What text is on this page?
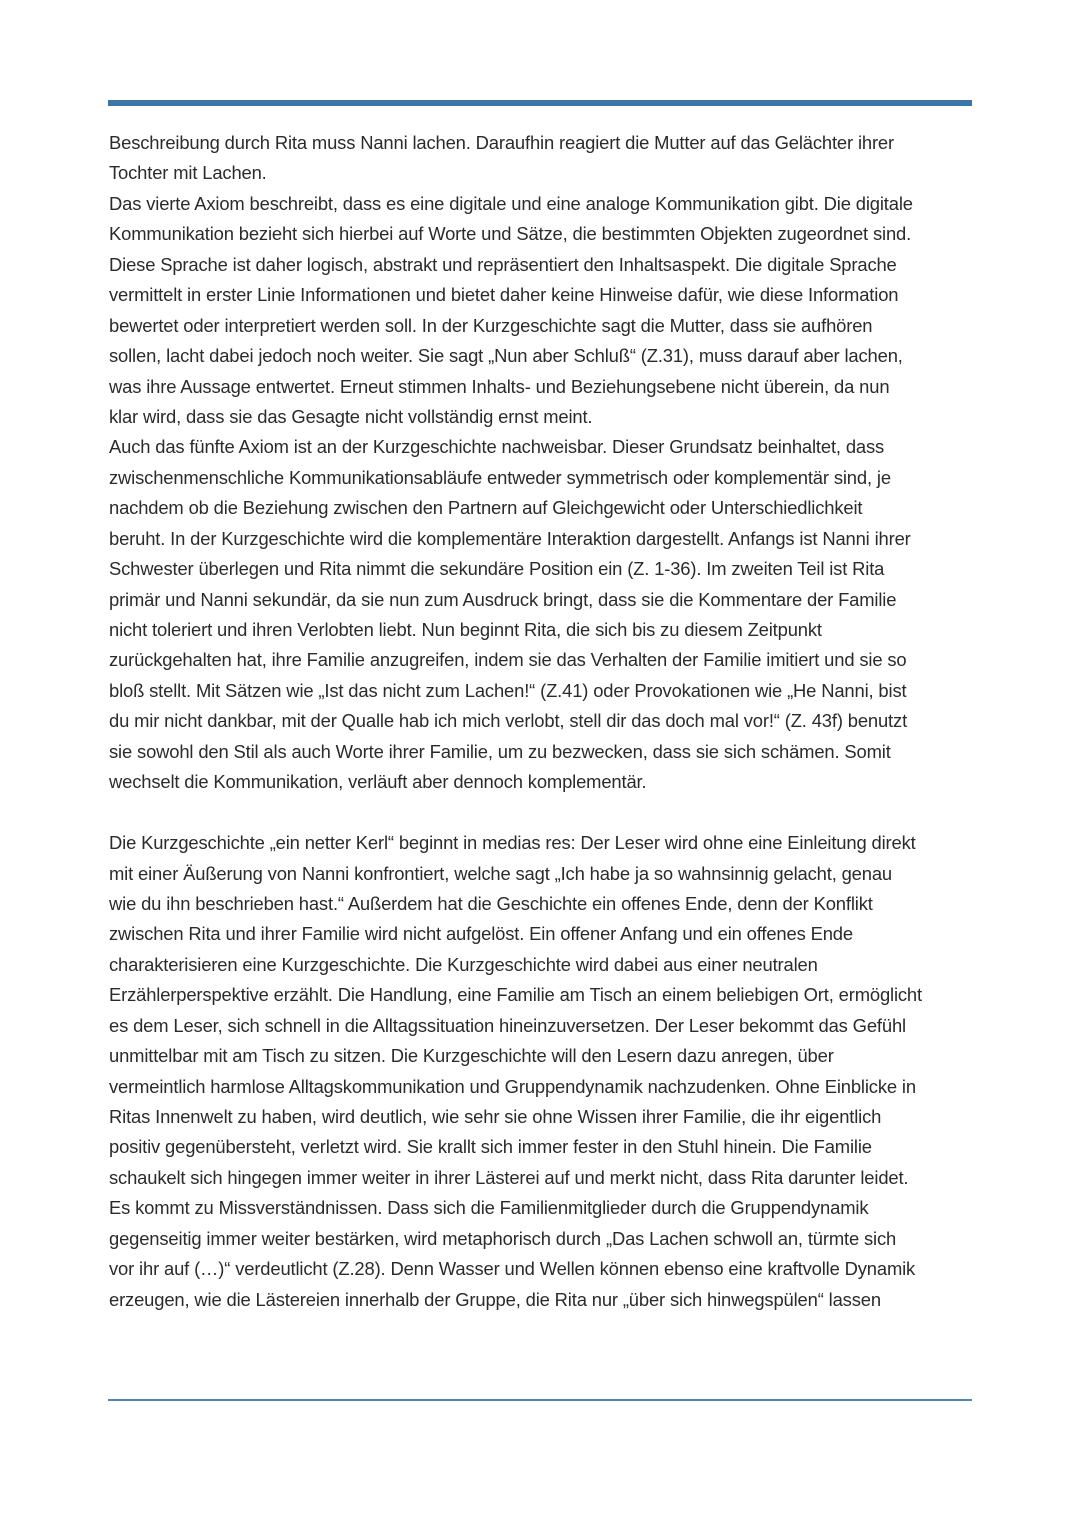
Beschreibung durch Rita muss Nanni lachen. Daraufhin reagiert die Mutter auf das Gelächter ihrer
Tochter mit Lachen.
Das vierte Axiom beschreibt, dass es eine digitale und eine analoge Kommunikation gibt. Die digitale
Kommunikation bezieht sich hierbei auf Worte und Sätze, die bestimmten Objekten zugeordnet sind.
Diese Sprache ist daher logisch, abstrakt und repräsentiert den Inhaltsaspekt. Die digitale Sprache
vermittelt in erster Linie Informationen und bietet daher keine Hinweise dafür, wie diese Information
bewertet oder interpretiert werden soll. In der Kurzgeschichte sagt die Mutter, dass sie aufhören
sollen, lacht dabei jedoch noch weiter. Sie sagt „Nun aber Schluß“ (Z.31), muss darauf aber lachen,
was ihre Aussage entwertet. Erneut stimmen Inhalts- und Beziehungsebene nicht überein, da nun
klar wird, dass sie das Gesagte nicht vollständig ernst meint.
Auch das fünfte Axiom ist an der Kurzgeschichte nachweisbar. Dieser Grundsatz beinhaltet, dass
zwischenmenschliche Kommunikationsabläufe entweder symmetrisch oder komplementär sind, je
nachdem ob die Beziehung zwischen den Partnern auf Gleichgewicht oder Unterschiedlichkeit
beruht. In der Kurzgeschichte wird die komplementäre Interaktion dargestellt. Anfangs ist Nanni ihrer
Schwester überlegen und Rita nimmt die sekundäre Position ein (Z. 1-36). Im zweiten Teil ist Rita
primär und Nanni sekundär, da sie nun zum Ausdruck bringt, dass sie die Kommentare der Familie
nicht toleriert und ihren Verlobten liebt. Nun beginnt Rita, die sich bis zu diesem Zeitpunkt
zurückgehalten hat, ihre Familie anzugreifen, indem sie das Verhalten der Familie imitiert und sie so
bloß stellt. Mit Sätzen wie „Ist das nicht zum Lachen!“ (Z.41) oder Provokationen wie „He Nanni, bist
du mir nicht dankbar, mit der Qualle hab ich mich verlobt, stell dir das doch mal vor!“ (Z. 43f) benutzt
sie sowohl den Stil als auch Worte ihrer Familie, um zu bezwecken, dass sie sich schämen. Somit
wechselt die Kommunikation, verläuft aber dennoch komplementär.
Die Kurzgeschichte „ein netter Kerl“ beginnt in medias res: Der Leser wird ohne eine Einleitung direkt
mit einer Äußerung von Nanni konfrontiert, welche sagt „Ich habe ja so wahnsinnig gelacht, genau
wie du ihn beschrieben hast.“ Außerdem hat die Geschichte ein offenes Ende, denn der Konflikt
zwischen Rita und ihrer Familie wird nicht aufgelöst. Ein offener Anfang und ein offenes Ende
charakterisieren eine Kurzgeschichte. Die Kurzgeschichte wird dabei aus einer neutralen
Erzählerperspektive erzählt. Die Handlung, eine Familie am Tisch an einem beliebigen Ort, ermöglicht
es dem Leser, sich schnell in die Alltagssituation hineinzuversetzen. Der Leser bekommt das Gefühl
unmittelbar mit am Tisch zu sitzen. Die Kurzgeschichte will den Lesern dazu anregen, über
vermeintlich harmlose Alltagskommunikation und Gruppendynamik nachzudenken. Ohne Einblicke in
Ritas Innenwelt zu haben, wird deutlich, wie sehr sie ohne Wissen ihrer Familie, die ihr eigentlich
positiv gegenübersteht, verletzt wird. Sie krallt sich immer fester in den Stuhl hinein. Die Familie
schaukelt sich hingegen immer weiter in ihrer Lästerei auf und merkt nicht, dass Rita darunter leidet.
Es kommt zu Missverständnissen. Dass sich die Familienmitglieder durch die Gruppendynamik
gegenseitig immer weiter bestärken, wird metaphorisch durch „Das Lachen schwoll an, türmte sich
vor ihr auf (…)“ verdeutlicht (Z.28). Denn Wasser und Wellen können ebenso eine kraftvolle Dynamik
erzeugen, wie die Lästereien innerhalb der Gruppe, die Rita nur „über sich hinwegspülen“ lassen
